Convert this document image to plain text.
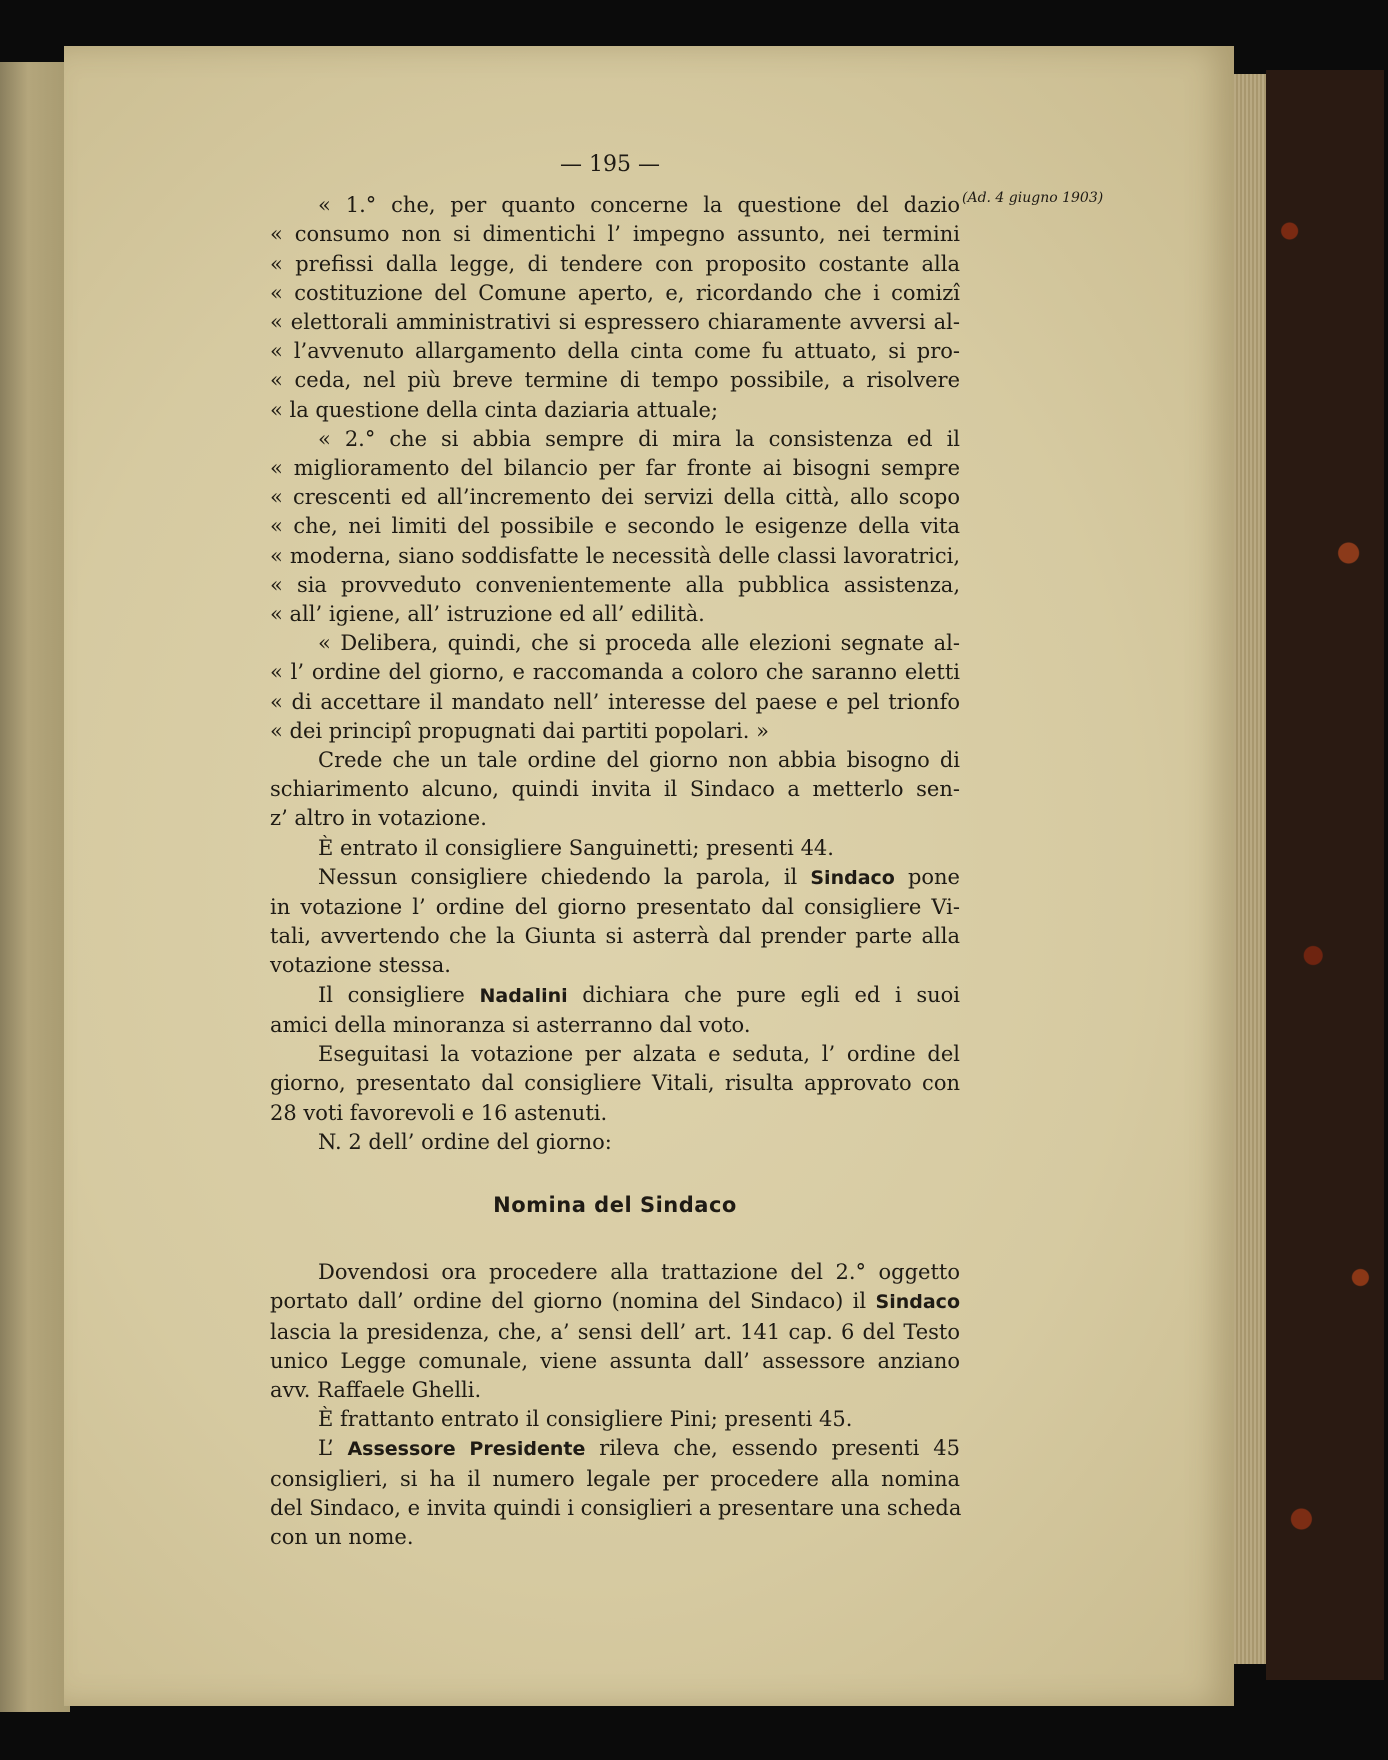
(Ad. 4 giugno 1903)
— 195 —
« 1.° che, per quanto concerne la questione del dazio
« consumo non si dimentichi l’ impegno assunto, nei termini
« prefissi dalla legge, di tendere con proposito costante alla
« costituzione del Comune aperto, e, ricordando che i comizî
« elettorali amministrativi si espressero chiaramente avversi al-
« l’avvenuto allargamento della cinta come fu attuato, si pro-
« ceda, nel più breve termine di tempo possibile, a risolvere
« la questione della cinta daziaria attuale;
« 2.° che si abbia sempre di mira la consistenza ed il
« miglioramento del bilancio per far fronte ai bisogni sempre
« crescenti ed all’incremento dei servizi della città, allo scopo
« che, nei limiti del possibile e secondo le esigenze della vita
« moderna, siano soddisfatte le necessità delle classi lavoratrici,
« sia provveduto convenientemente alla pubblica assistenza,
« all’ igiene, all’ istruzione ed all’ edilità.
« Delibera, quindi, che si proceda alle elezioni segnate al-
« l’ ordine del giorno, e raccomanda a coloro che saranno eletti
« di accettare il mandato nell’ interesse del paese e pel trionfo
« dei principî propugnati dai partiti popolari. »
Crede che un tale ordine del giorno non abbia bisogno di
schiarimento alcuno, quindi invita il Sindaco a metterlo sen-
z’ altro in votazione.
È entrato il consigliere Sanguinetti; presenti 44.
Nessun consigliere chiedendo la parola, il Sindaco pone
in votazione l’ ordine del giorno presentato dal consigliere Vi-
tali, avvertendo che la Giunta si asterrà dal prender parte alla
votazione stessa.
Il consigliere Nadalini dichiara che pure egli ed i suoi
amici della minoranza si asterranno dal voto.
Eseguitasi la votazione per alzata e seduta, l’ ordine del
giorno, presentato dal consigliere Vitali, risulta approvato con
28 voti favorevoli e 16 astenuti.
N. 2 dell’ ordine del giorno:
Nomina del Sindaco
Dovendosi ora procedere alla trattazione del 2.° oggetto
portato dall’ ordine del giorno (nomina del Sindaco) il Sindaco
lascia la presidenza, che, a’ sensi dell’ art. 141 cap. 6 del Testo
unico Legge comunale, viene assunta dall’ assessore anziano
avv. Raffaele Ghelli.
È frattanto entrato il consigliere Pini; presenti 45.
L’ Assessore Presidente rileva che, essendo presenti 45
consiglieri, si ha il numero legale per procedere alla nomina
del Sindaco, e invita quindi i consiglieri a presentare una scheda
con un nome.
